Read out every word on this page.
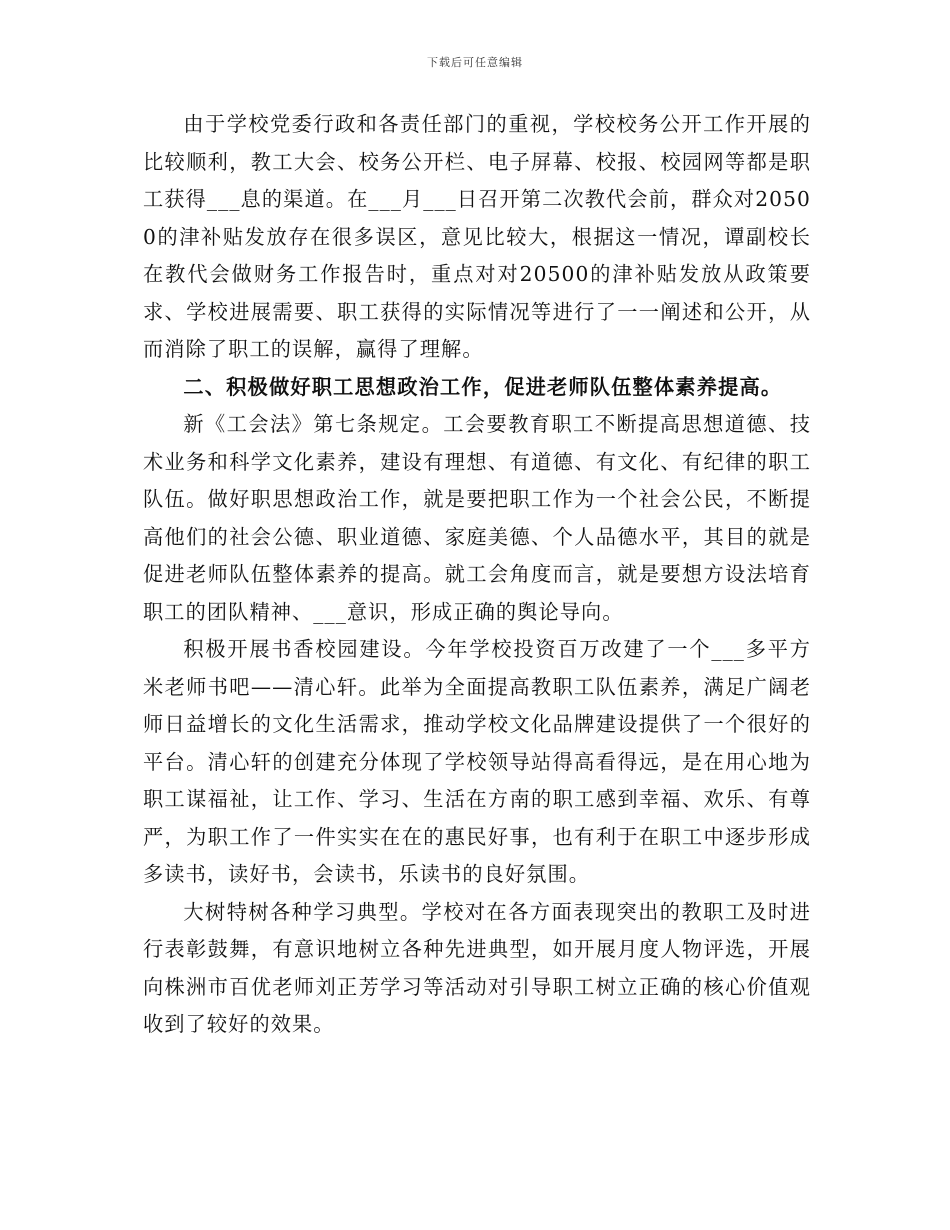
下载后可任意编辑

由于学校党委行政和各责任部门的重视，学校校务公开工作开展的比较顺利，教工大会、校务公开栏、电子屏幕、校报、校园网等都是职工获得___息的渠道。在___月___日召开第二次教代会前，群众对20500的津补贴发放存在很多误区，意见比较大，根据这一情况，谭副校长在教代会做财务工作报告时，重点对对20500的津补贴发放从政策要求、学校进展需要、职工获得的实际情况等进行了一一阐述和公开，从而消除了职工的误解，赢得了理解。

二、积极做好职工思想政治工作，促进老师队伍整体素养提高。

新《工会法》第七条规定。工会要教育职工不断提高思想道德、技术业务和科学文化素养，建设有理想、有道德、有文化、有纪律的职工队伍。做好职思想政治工作，就是要把职工作为一个社会公民，不断提高他们的社会公德、职业道德、家庭美德、个人品德水平，其目的就是促进老师队伍整体素养的提高。就工会角度而言，就是要想方设法培育职工的团队精神、___意识，形成正确的舆论导向。

积极开展书香校园建设。今年学校投资百万改建了一个___多平方米老师书吧——清心轩。此举为全面提高教职工队伍素养，满足广阔老师日益增长的文化生活需求，推动学校文化品牌建设提供了一个很好的平台。清心轩的创建充分体现了学校领导站得高看得远，是在用心地为职工谋福祉，让工作、学习、生活在方南的职工感到幸福、欢乐、有尊严，为职工作了一件实实在在的惠民好事，也有利于在职工中逐步形成多读书，读好书，会读书，乐读书的良好氛围。

大树特树各种学习典型。学校对在各方面表现突出的教职工及时进行表彰鼓舞，有意识地树立各种先进典型，如开展月度人物评选，开展向株洲市百优老师刘正芳学习等活动对引导职工树立正确的核心价值观收到了较好的效果。
